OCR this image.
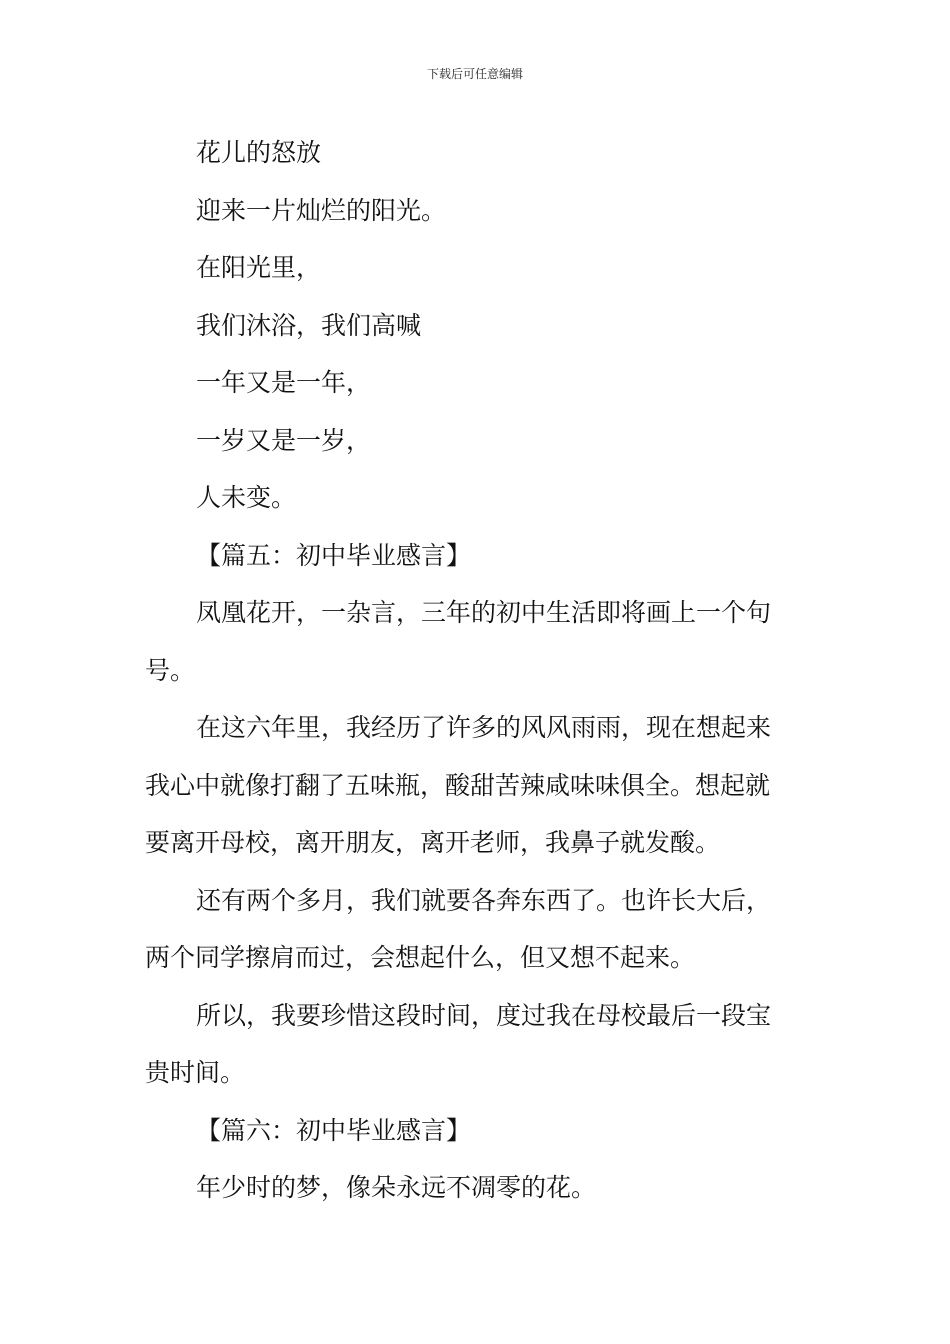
下载后可任意编辑
花儿的怒放
迎来一片灿烂的阳光。
在阳光里，
我们沐浴，我们高喊
一年又是一年，
一岁又是一岁，
人未变。
【篇五：初中毕业感言】
凤凰花开，一杂言，三年的初中生活即将画上一个句
号。
在这六年里，我经历了许多的风风雨雨，现在想起来
我心中就像打翻了五味瓶，酸甜苦辣咸味味俱全。想起就
要离开母校，离开朋友，离开老师，我鼻子就发酸。
还有两个多月，我们就要各奔东西了。也许长大后，
两个同学擦肩而过，会想起什么，但又想不起来。
所以，我要珍惜这段时间，度过我在母校最后一段宝
贵时间。
【篇六：初中毕业感言】
年少时的梦，像朵永远不凋零的花。
